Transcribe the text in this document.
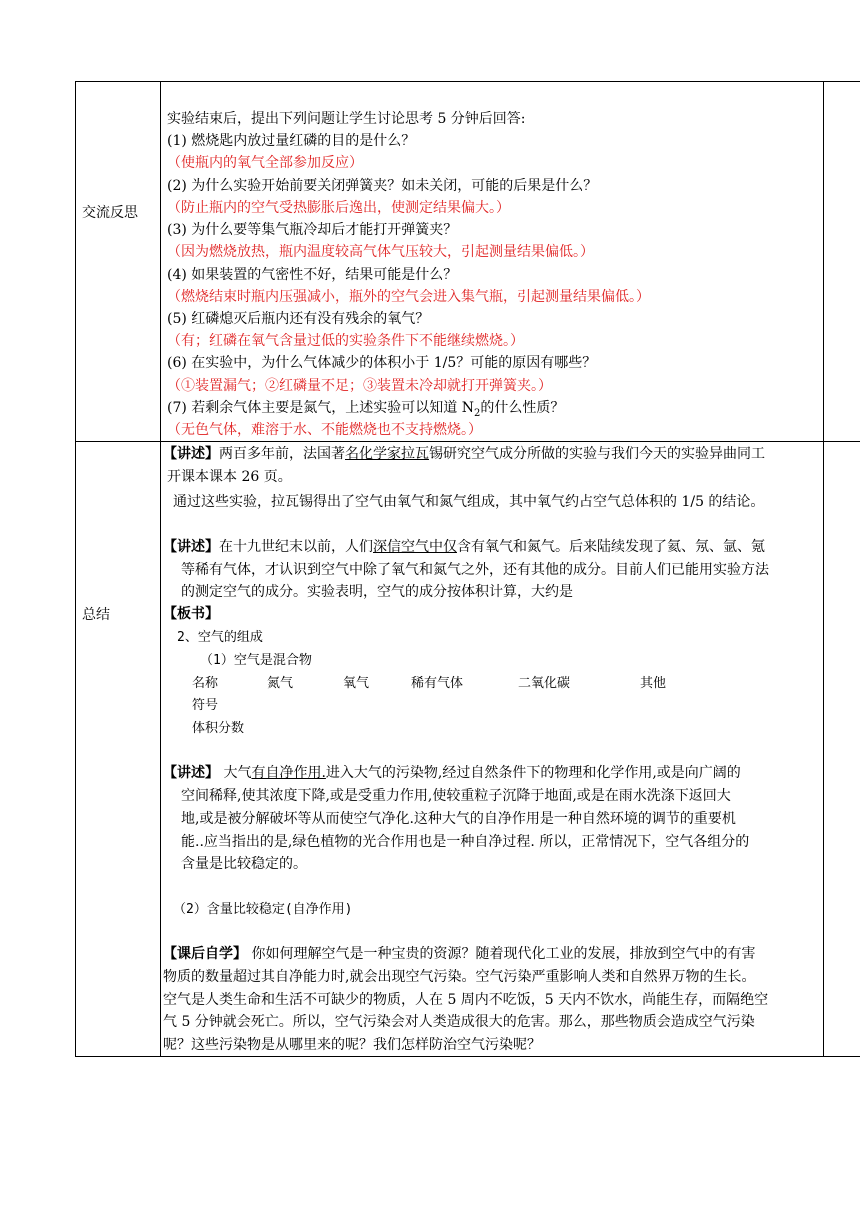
交流反思
实验结束后，提出下列问题让学生讨论思考 5 分钟后回答:
(1) 燃烧匙内放过量红磷的目的是什么？
（使瓶内的氧气全部参加反应）
(2) 为什么实验开始前要关闭弹簧夹？如未关闭，可能的后果是什么？
（防止瓶内的空气受热膨胀后逸出，使测定结果偏大。）
(3) 为什么要等集气瓶冷却后才能打开弹簧夹？
（因为燃烧放热，瓶内温度较高气体气压较大，引起测量结果偏低。）
(4) 如果装置的气密性不好，结果可能是什么？
（燃烧结束时瓶内压强减小，瓶外的空气会进入集气瓶，引起测量结果偏低。）
(5) 红磷熄灭后瓶内还有没有残余的氧气？
（有；红磷在氧气含量过低的实验条件下不能继续燃烧。）
(6) 在实验中，为什么气体减少的体积小于 1/5？可能的原因有哪些？
（①装置漏气；②红磷量不足；③装置未冷却就打开弹簧夹。）
(7) 若剩余气体主要是氮气，上述实验可以知道 $N_2$的什么性质？
（无色气体，难溶于水、不能燃烧也不支持燃烧。）
总结
【讲述】两百多年前，法国著名化学家拉瓦锡研究空气成分所做的实验与我们今天的实验异曲同工
开课本课本 26 页。
通过这些实验，拉瓦锡得出了空气由氧气和氮气组成，其中氧气约占空气总体积的 1/5 的结论。
【讲述】在十九世纪末以前，人们深信空气中仅含有氧气和氮气。后来陆续发现了氦、氖、氩、氪
等稀有气体，才认识到空气中除了氧气和氮气之外，还有其他的成分。目前人们已能用实验方法
的测定空气的成分。实验表明，空气的成分按体积计算，大约是
【板书】
2、空气的组成
（1）空气是混合物
名称	氮气	氧气	稀有气体	二氧化碳	其他
符号
体积分数
【讲述】 大气有自净作用.进入大气的污染物,经过自然条件下的物理和化学作用,或是向广阔的
空间稀释,使其浓度下降,或是受重力作用,使较重粒子沉降于地面,或是在雨水洗涤下返回大
地,或是被分解破坏等从而使空气净化.这种大气的自净作用是一种自然环境的调节的重要机
能..应当指出的是,绿色植物的光合作用也是一种自净过程. 所以，正常情况下，空气各组分的
含量是比较稳定的。
（2）含量比较稳定(自净作用)
【课后自学】 你如何理解空气是一种宝贵的资源？随着现代化工业的发展，排放到空气中的有害
物质的数量超过其自净能力时,就会出现空气污染。空气污染严重影响人类和自然界万物的生长。
空气是人类生命和生活不可缺少的物质，人在 5 周内不吃饭，5 天内不饮水，尚能生存，而隔绝空
气 5 分钟就会死亡。所以，空气污染会对人类造成很大的危害。那么，那些物质会造成空气污染
呢？这些污染物是从哪里来的呢？我们怎样防治空气污染呢？
